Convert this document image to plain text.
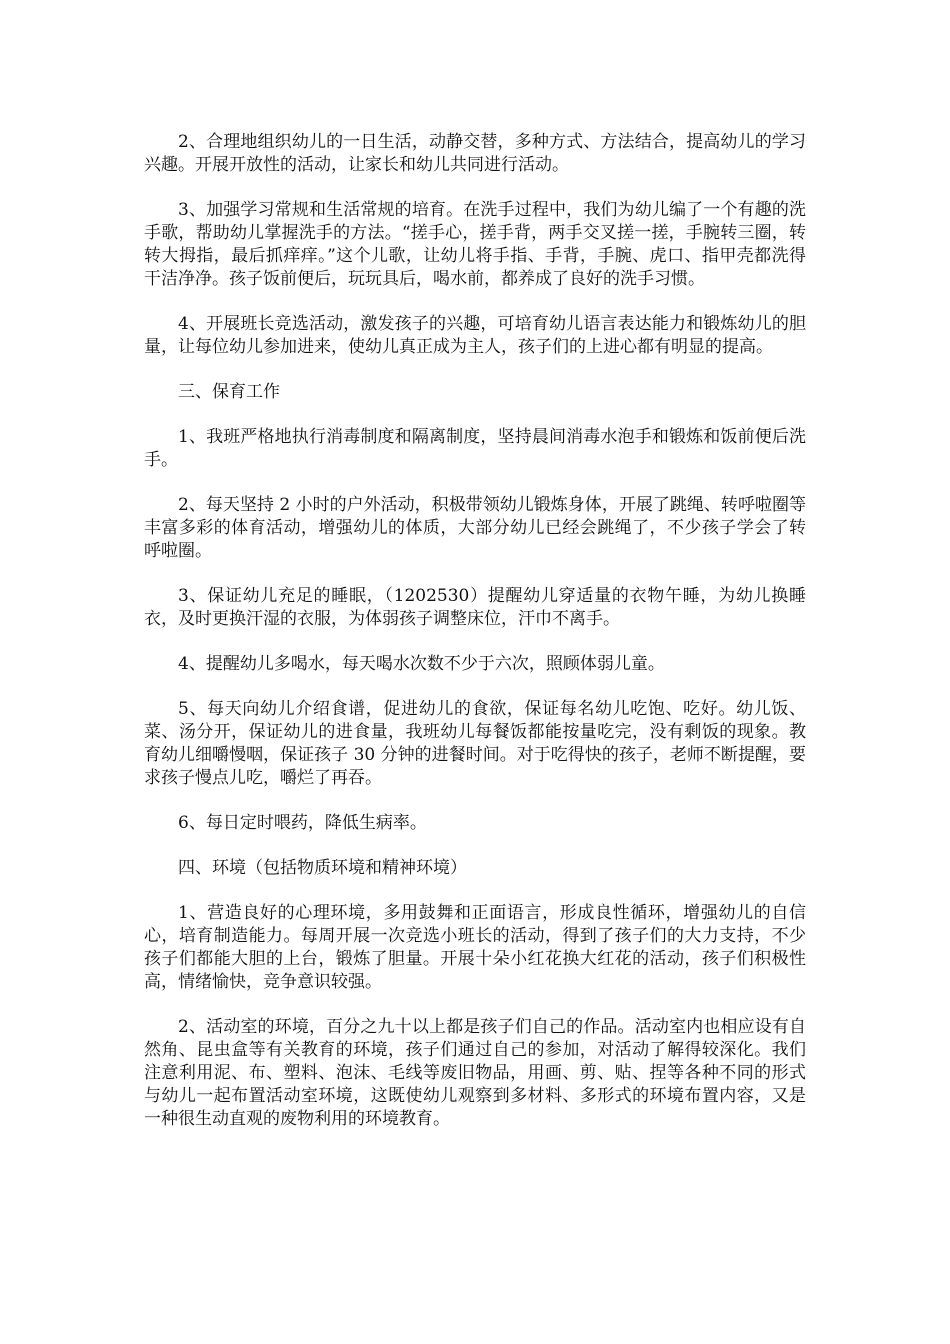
2、合理地组织幼儿的一日生活，动静交替，多种方式、方法结合，提高幼儿的学习兴趣。开展开放性的活动，让家长和幼儿共同进行活动。

3、加强学习常规和生活常规的培育。在洗手过程中，我们为幼儿编了一个有趣的洗手歌，帮助幼儿掌握洗手的方法。“搓手心，搓手背，两手交叉搓一搓，手腕转三圈，转转大拇指，最后抓痒痒。”这个儿歌，让幼儿将手指、手背，手腕、虎口、指甲壳都洗得干洁净净。孩子饭前便后，玩玩具后，喝水前，都养成了良好的洗手习惯。

4、开展班长竞选活动，激发孩子的兴趣，可培育幼儿语言表达能力和锻炼幼儿的胆量，让每位幼儿参加进来，使幼儿真正成为主人，孩子们的上进心都有明显的提高。

三、保育工作

1、我班严格地执行消毒制度和隔离制度，坚持晨间消毒水泡手和锻炼和饭前便后洗手。

2、每天坚持 2 小时的户外活动，积极带领幼儿锻炼身体，开展了跳绳、转呼啦圈等丰富多彩的体育活动，增强幼儿的体质，大部分幼儿已经会跳绳了，不少孩子学会了转呼啦圈。

3、保证幼儿充足的睡眠，（1202530）提醒幼儿穿适量的衣物午睡，为幼儿换睡衣，及时更换汗湿的衣服，为体弱孩子调整床位，汗巾不离手。

4、提醒幼儿多喝水，每天喝水次数不少于六次，照顾体弱儿童。

5、每天向幼儿介绍食谱，促进幼儿的食欲，保证每名幼儿吃饱、吃好。幼儿饭、菜、汤分开，保证幼儿的进食量，我班幼儿每餐饭都能按量吃完，没有剩饭的现象。教育幼儿细嚼慢咽，保证孩子 30 分钟的进餐时间。对于吃得快的孩子，老师不断提醒，要求孩子慢点儿吃，嚼烂了再吞。

6、每日定时喂药，降低生病率。

四、环境（包括物质环境和精神环境）

1、营造良好的心理环境，多用鼓舞和正面语言，形成良性循环，增强幼儿的自信心，培育制造能力。每周开展一次竞选小班长的活动，得到了孩子们的大力支持，不少孩子们都能大胆的上台，锻炼了胆量。开展十朵小红花换大红花的活动，孩子们积极性高，情绪愉快，竞争意识较强。

2、活动室的环境，百分之九十以上都是孩子们自己的作品。活动室内也相应设有自然角、昆虫盒等有关教育的环境，孩子们通过自己的参加，对活动了解得较深化。我们注意利用泥、布、塑料、泡沫、毛线等废旧物品，用画、剪、贴、捏等各种不同的形式与幼儿一起布置活动室环境，这既使幼儿观察到多材料、多形式的环境布置内容，又是一种很生动直观的废物利用的环境教育。
